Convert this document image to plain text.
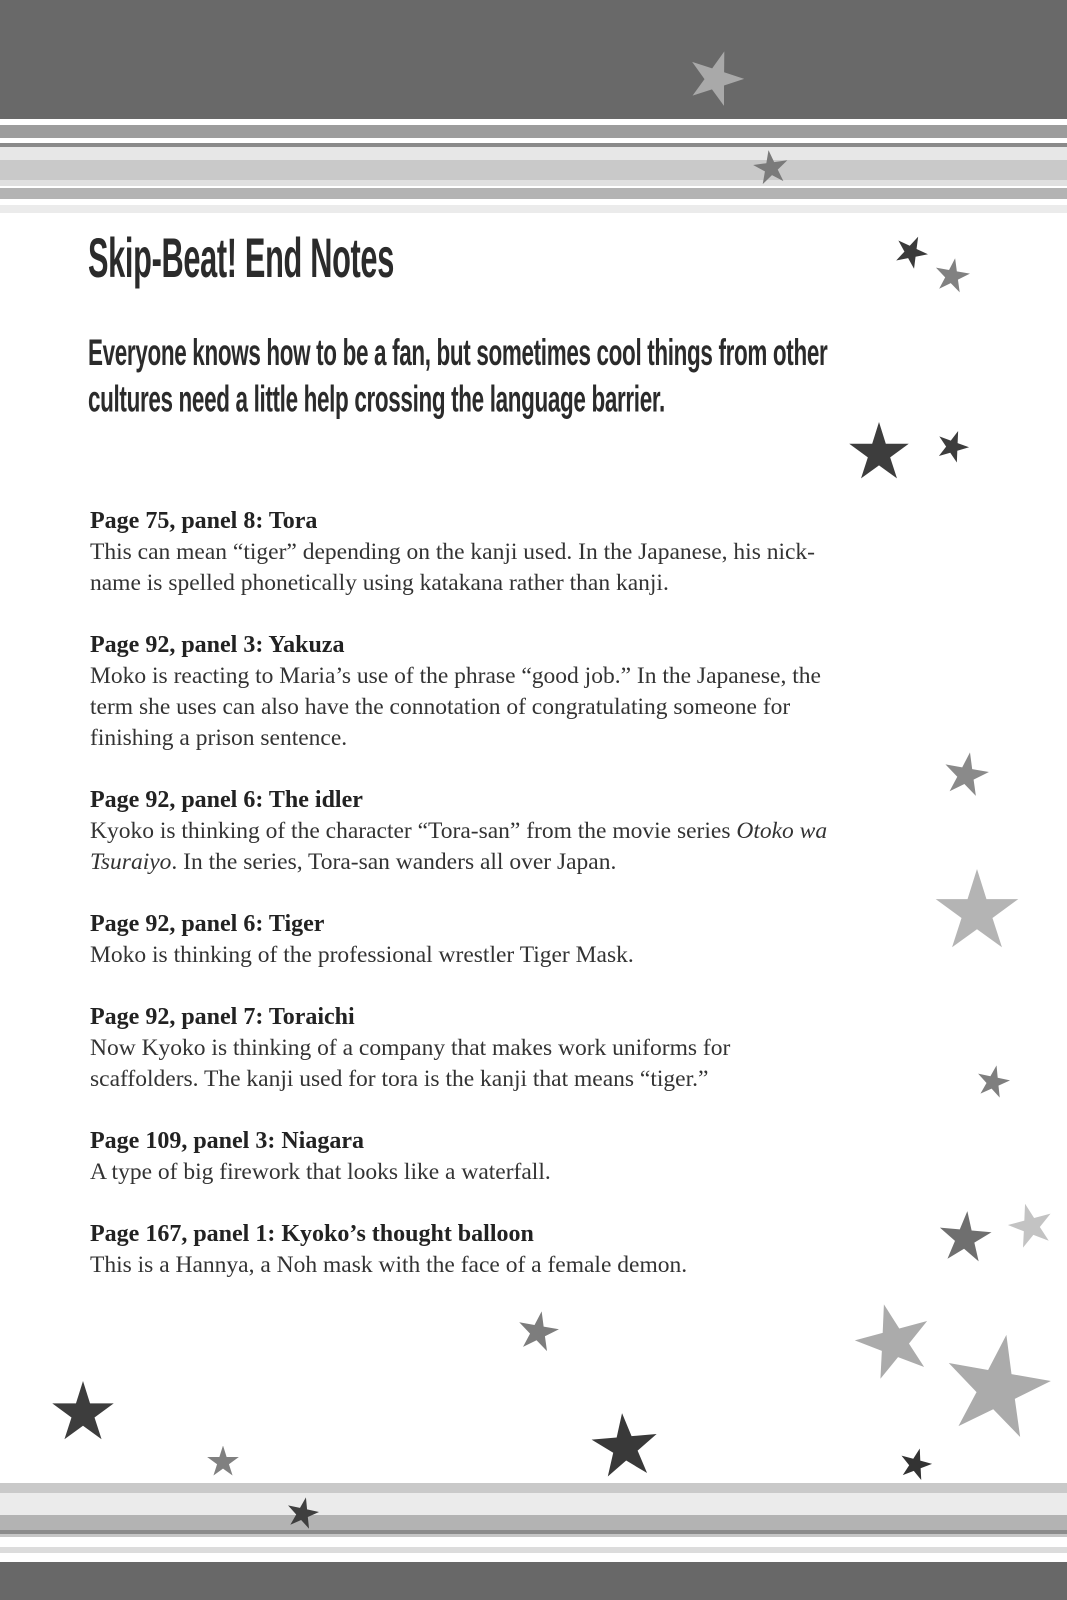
Skip-Beat! End Notes
Everyone knows how to be a fan, but sometimes cool things from other
cultures need a little help crossing the language barrier.
Page 75, panel 8: Tora
This can mean “tiger” depending on the kanji used. In the Japanese, his nick-
name is spelled phonetically using katakana rather than kanji.
Page 92, panel 3: Yakuza
Moko is reacting to Maria’s use of the phrase “good job.” In the Japanese, the
term she uses can also have the connotation of congratulating someone for
finishing a prison sentence.
Page 92, panel 6: The idler
Kyoko is thinking of the character “Tora-san” from the movie series Otoko wa
Tsuraiyo. In the series, Tora-san wanders all over Japan.
Page 92, panel 6: Tiger
Moko is thinking of the professional wrestler Tiger Mask.
Page 92, panel 7: Toraichi
Now Kyoko is thinking of a company that makes work uniforms for
scaffolders. The kanji used for tora is the kanji that means “tiger.”
Page 109, panel 3: Niagara
A type of big firework that looks like a waterfall.
Page 167, panel 1: Kyoko’s thought balloon
This is a Hannya, a Noh mask with the face of a female demon.
